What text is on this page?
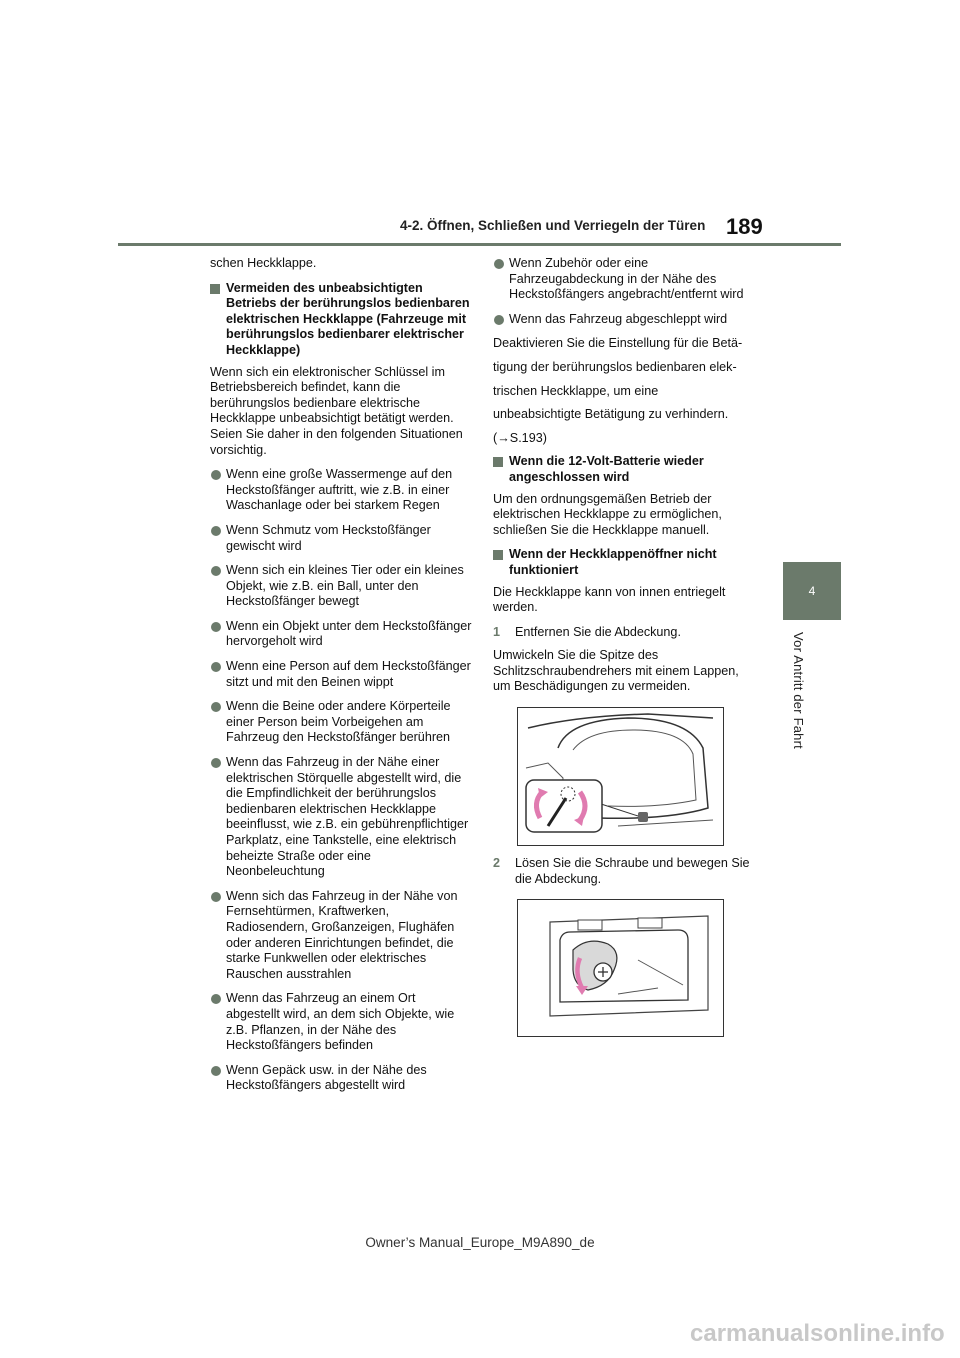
4-2. Öffnen, Schließen und Verriegeln der Türen 189
4
Vor Antritt der Fahrt

schen Heckklappe.

Vermeiden des unbeabsichtigten Betriebs der berührungslos bedienbaren elektrischen Heckklappe (Fahrzeuge mit berührungslos bedienbarer elektrischer Heckklappe)

Wenn sich ein elektronischer Schlüssel im Betriebsbereich befindet, kann die berührungslos bedienbare elektrische Heckklappe unbeabsichtigt betätigt werden. Seien Sie daher in den folgenden Situationen vorsichtig.

Wenn eine große Wassermenge auf den Heckstoßfänger auftritt, wie z.B. in einer Waschanlage oder bei starkem Regen

Wenn Schmutz vom Heckstoßfänger gewischt wird

Wenn sich ein kleines Tier oder ein kleines Objekt, wie z.B. ein Ball, unter den Heckstoßfänger bewegt

Wenn ein Objekt unter dem Heckstoßfänger hervorgeholt wird

Wenn eine Person auf dem Heckstoßfänger sitzt und mit den Beinen wippt

Wenn die Beine oder andere Körperteile einer Person beim Vorbeigehen am Fahrzeug den Heckstoßfänger berühren

Wenn das Fahrzeug in der Nähe einer elektrischen Störquelle abgestellt wird, die die Empfindlichkeit der berührungslos bedienbaren elektrischen Heckklappe beeinflusst, wie z.B. ein gebührenpflichtiger Parkplatz, eine Tankstelle, eine elektrisch beheizte Straße oder eine Neonbeleuchtung

Wenn sich das Fahrzeug in der Nähe von Fernsehtürmen, Kraftwerken, Radiosendern, Großanzeigen, Flughäfen oder anderen Einrichtungen befindet, die starke Funkwellen oder elektrisches Rauschen ausstrahlen

Wenn das Fahrzeug an einem Ort abgestellt wird, an dem sich Objekte, wie z.B. Pflanzen, in der Nähe des Heckstoßfängers befinden

Wenn Gepäck usw. in der Nähe des Heckstoßfängers abgestellt wird

Wenn Zubehör oder eine Fahrzeugabdeckung in der Nähe des Heckstoßfängers angebracht/entfernt wird

Wenn das Fahrzeug abgeschleppt wird

Deaktivieren Sie die Einstellung für die Betä-

tigung der berührungslos bedienbaren elek-

trischen Heckklappe, um eine

unbeabsichtigte Betätigung zu verhindern.

(→S.193)

Wenn die 12-Volt-Batterie wieder angeschlossen wird

Um den ordnungsgemäßen Betrieb der elektrischen Heckklappe zu ermöglichen, schließen Sie die Heckklappe manuell.

Wenn der Heckklappenöffner nicht funktioniert

Die Heckklappe kann von innen entriegelt werden.

1 Entfernen Sie die Abdeckung.

Umwickeln Sie die Spitze des Schlitzschraubendrehers mit einem Lappen, um Beschädigungen zu vermeiden.

2 Lösen Sie die Schraube und bewegen Sie die Abdeckung.
Owner’s Manual_Europe_M9A890_de
carmanualsonline.info
